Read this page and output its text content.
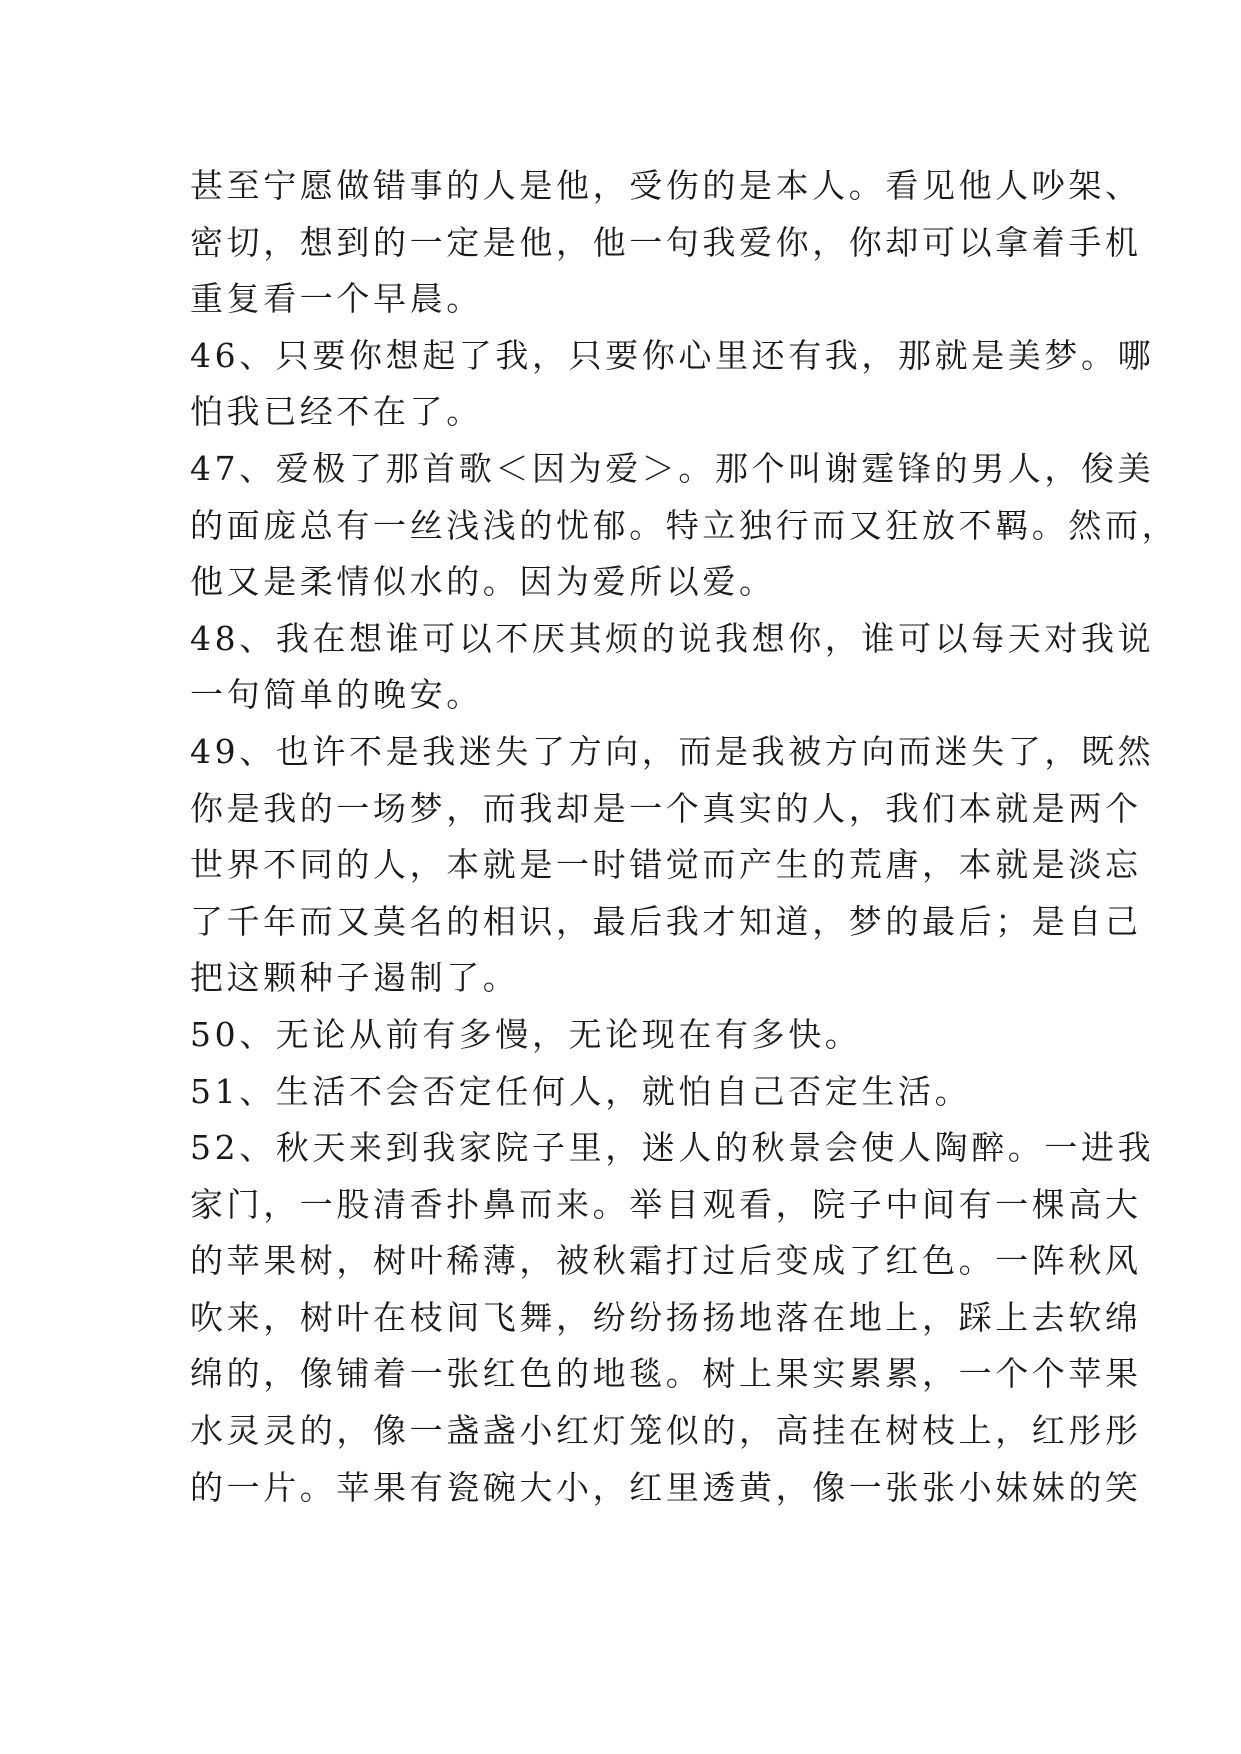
甚至宁愿做错事的人是他，受伤的是本人。看见他人吵架、
密切，想到的一定是他，他一句我爱你，你却可以拿着手机
重复看一个早晨。
46、只要你想起了我，只要你心里还有我，那就是美梦。哪
怕我已经不在了。
47、爱极了那首歌＜因为爱＞。那个叫谢霆锋的男人，俊美
的面庞总有一丝浅浅的忧郁。特立独行而又狂放不羁。然而，
他又是柔情似水的。因为爱所以爱。
48、我在想谁可以不厌其烦的说我想你，谁可以每天对我说
一句简单的晚安。
49、也许不是我迷失了方向，而是我被方向而迷失了，既然
你是我的一场梦，而我却是一个真实的人，我们本就是两个
世界不同的人，本就是一时错觉而产生的荒唐，本就是淡忘
了千年而又莫名的相识，最后我才知道，梦的最后；是自己
把这颗种子遏制了。
50、无论从前有多慢，无论现在有多快。
51、生活不会否定任何人，就怕自己否定生活。
52、秋天来到我家院子里，迷人的秋景会使人陶醉。一进我
家门，一股清香扑鼻而来。举目观看，院子中间有一棵高大
的苹果树，树叶稀薄，被秋霜打过后变成了红色。一阵秋风
吹来，树叶在枝间飞舞，纷纷扬扬地落在地上，踩上去软绵
绵的，像铺着一张红色的地毯。树上果实累累，一个个苹果
水灵灵的，像一盏盏小红灯笼似的，高挂在树枝上，红彤彤
的一片。苹果有瓷碗大小，红里透黄，像一张张小妹妹的笑
